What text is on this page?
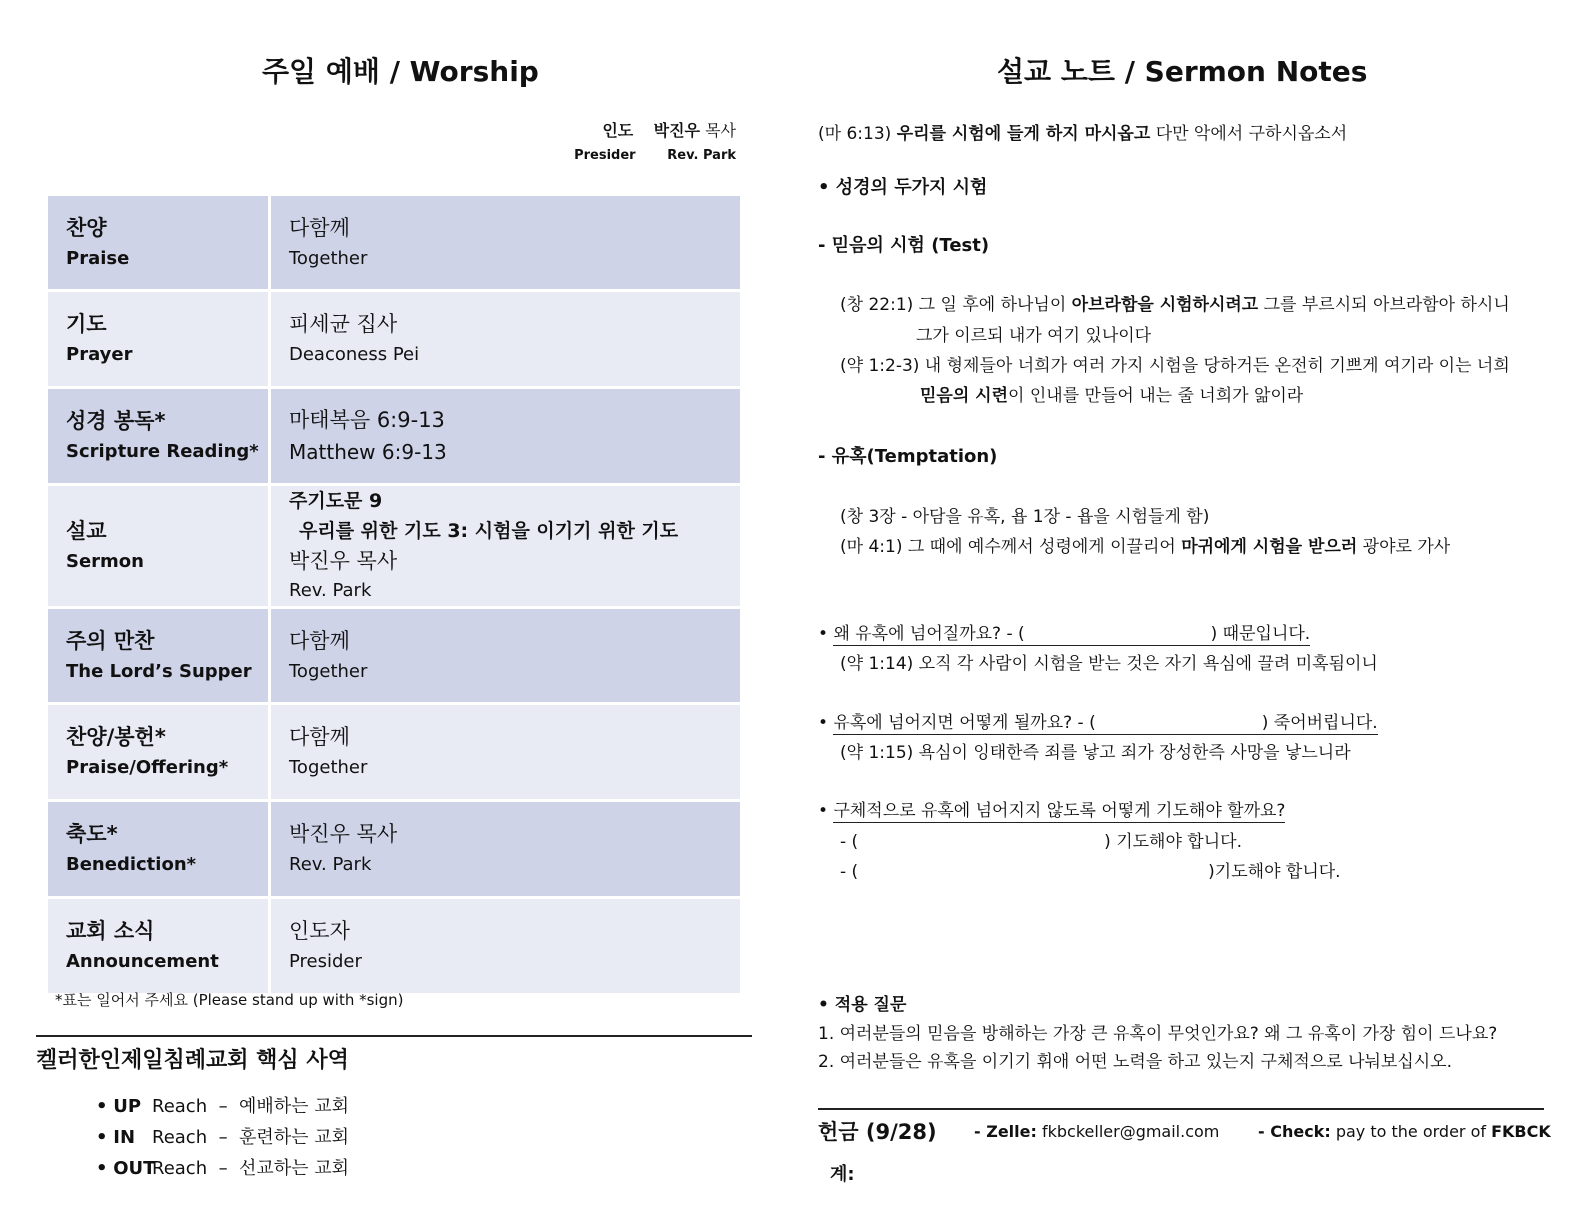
주일 예배 / Worship
인도 박진우 목사
Presider Rev. Park
찬양
Praise	다함께
Together

기도
Prayer	피세균 집사
Deaconess Pei

성경 봉독*
Scripture Reading*	마태복음 6:9-13
Matthew 6:9-13

설교
Sermon	주기도문 9
우리를 위한 기도 3: 시험을 이기기 위한 기도
박진우 목사
Rev. Park

주의 만찬
The Lord’s Supper	다함께
Together

찬양/봉헌*
Praise/Offering*	다함께
Together

축도*
Benediction*	박진우 목사
Rev. Park

교회 소식
Announcement	인도자
Presider
*표는 일어서 주세요 (Please stand up with *sign)
켈러한인제일침례교회 핵심 사역
• UP Reach – 예배하는 교회
• IN Reach – 훈련하는 교회
• OUTReach – 선교하는 교회
설교 노트 / Sermon Notes
(마 6:13) 우리를 시험에 들게 하지 마시옵고 다만 악에서 구하시옵소서
• 성경의 두가지 시험
- 믿음의 시험 (Test)
(창 22:1) 그 일 후에 하나님이 아브라함을 시험하시려고 그를 부르시되 아브라함아 하시니
그가 이르되 내가 여기 있나이다
(약 1:2-3) 내 형제들아 너희가 여러 가지 시험을 당하거든 온전히 기쁘게 여기라 이는 너희
믿음의 시련이 인내를 만들어 내는 줄 너희가 앎이라
- 유혹(Temptation)
(창 3장 - 아담을 유혹, 욥 1장 - 욥을 시험들게 함)
(마 4:1) 그 때에 예수께서 성령에게 이끌리어 마귀에게 시험을 받으러 광야로 가사
• 왜 유혹에 넘어질까요? - (	) 때문입니다.
(약 1:14) 오직 각 사람이 시험을 받는 것은 자기 욕심에 끌려 미혹됨이니
• 유혹에 넘어지면 어떻게 될까요? - (	) 죽어버립니다.
(약 1:15) 욕심이 잉태한즉 죄를 낳고 죄가 장성한즉 사망을 낳느니라
• 구체적으로 유혹에 넘어지지 않도록 어떻게 기도해야 할까요?
- (	) 기도해야 합니다.
- (	)기도해야 합니다.
• 적용 질문
1. 여러분들의 믿음을 방해하는 가장 큰 유혹이 무엇인가요? 왜 그 유혹이 가장 힘이 드나요?
2. 여러분들은 유혹을 이기기 휘애 어떤 노력을 하고 있는지 구체적으로 나눠보십시오.
헌금 (9/28) - Zelle: fkbckeller@gmail.com - Check: pay to the order of FKBCK
계:
